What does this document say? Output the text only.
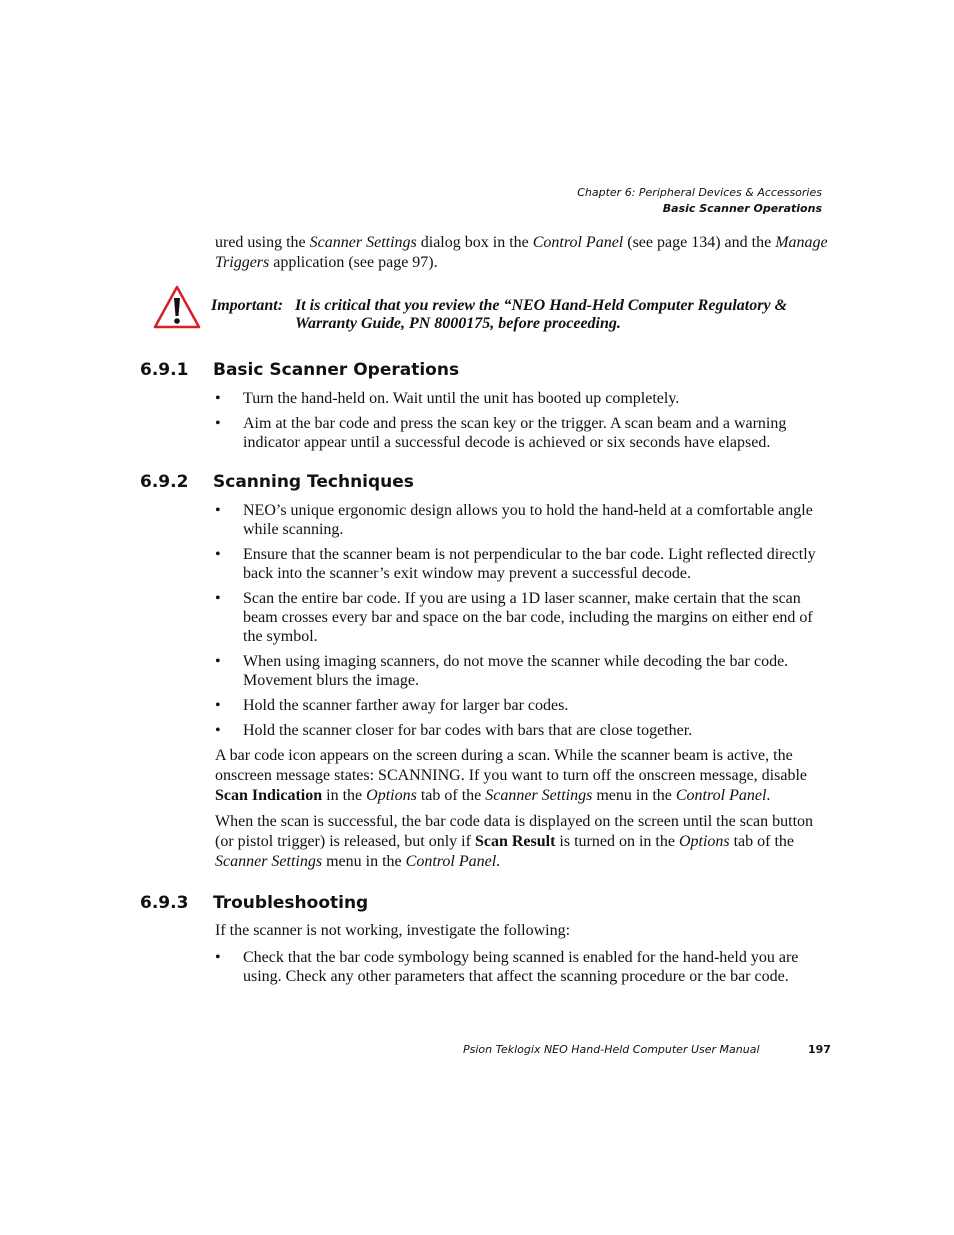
Chapter 6: Peripheral Devices & Accessories
Basic Scanner Operations
ured using the Scanner Settings dialog box in the Control Panel (see page 134) and the Manage Triggers application (see page 97).
Important: It is critical that you review the “NEO Hand-Held Computer Regulatory &
Warranty Guide, PN 8000175, before proceeding.
6.9.1 Basic Scanner Operations
• Turn the hand-held on. Wait until the unit has booted up completely.
• Aim at the bar code and press the scan key or the trigger. A scan beam and a warning indicator appear until a successful decode is achieved or six seconds have elapsed.
6.9.2 Scanning Techniques
• NEO’s unique ergonomic design allows you to hold the hand-held at a comfortable angle while scanning.
• Ensure that the scanner beam is not perpendicular to the bar code. Light reflected directly back into the scanner’s exit window may prevent a successful decode.
• Scan the entire bar code. If you are using a 1D laser scanner, make certain that the scan beam crosses every bar and space on the bar code, including the margins on either end of the symbol.
• When using imaging scanners, do not move the scanner while decoding the bar code. Movement blurs the image.
• Hold the scanner farther away for larger bar codes.
• Hold the scanner closer for bar codes with bars that are close together.

A bar code icon appears on the screen during a scan. While the scanner beam is active, the onscreen message states: SCANNING. If you want to turn off the onscreen message, disable Scan Indication in the Options tab of the Scanner Settings menu in the Control Panel.

When the scan is successful, the bar code data is displayed on the screen until the scan button (or pistol trigger) is released, but only if Scan Result is turned on in the Options tab of the Scanner Settings menu in the Control Panel.

6.9.3 Troubleshooting
If the scanner is not working, investigate the following:
• Check that the bar code symbology being scanned is enabled for the hand-held you are using. Check any other parameters that affect the scanning procedure or the bar code.
Psion Teklogix NEO Hand-Held Computer User Manual	197
